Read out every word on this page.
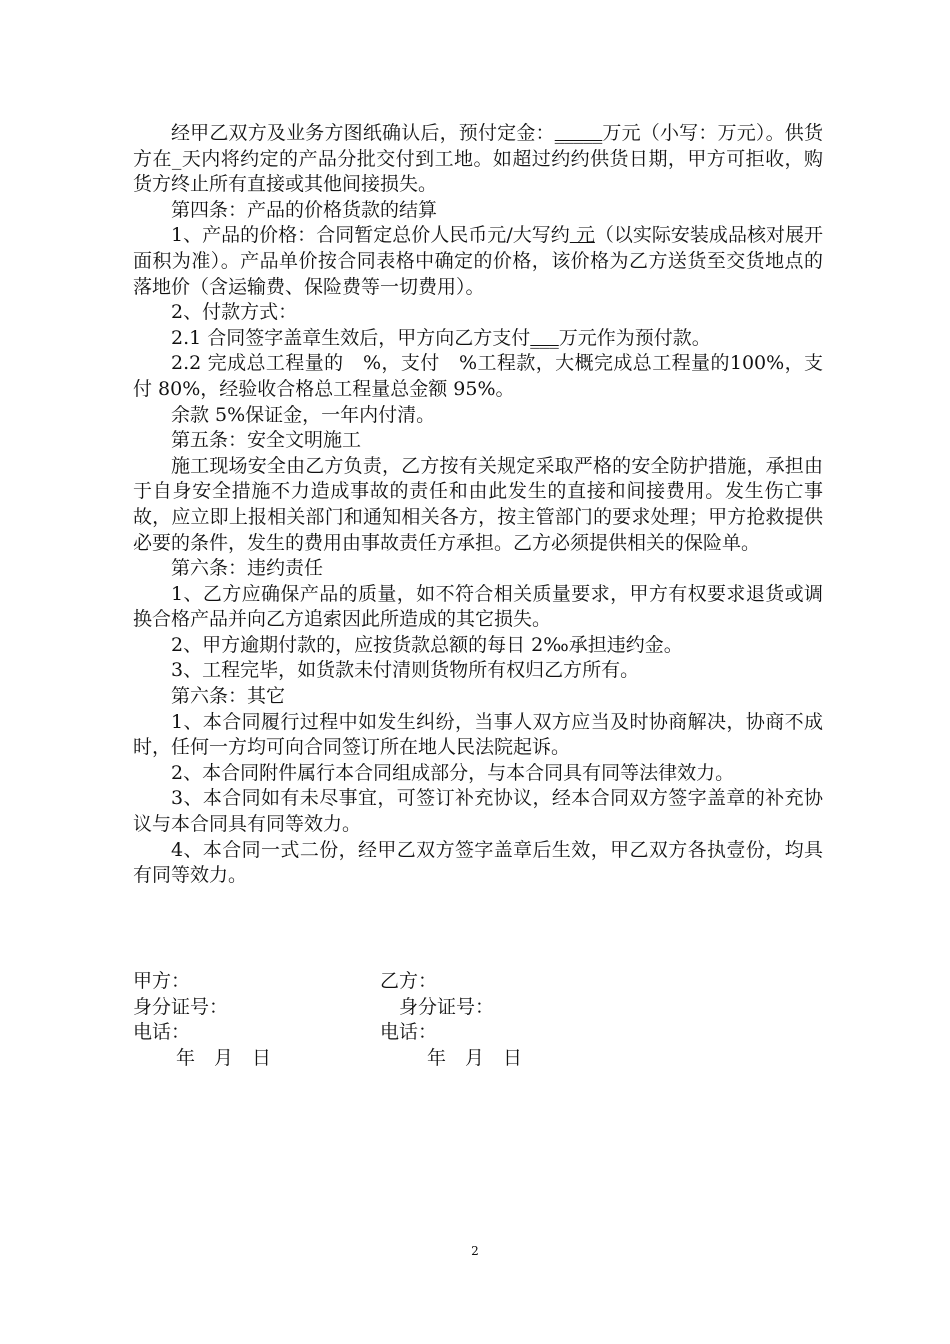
经甲乙双方及业务方图纸确认后，预付定金：_____万元（小写：万元）。供货方在_天内将约定的产品分批交付到工地。如超过约约供货日期，甲方可拒收，购货方终止所有直接或其他间接损失。

第四条：产品的价格货款的结算

1、产品的价格：合同暂定总价人民币元/大写约 元（以实际安装成品核对展开面积为准）。产品单价按合同表格中确定的价格，该价格为乙方送货至交货地点的落地价（含运输费、保险费等一切费用）。

2、付款方式：

2.1 合同签字盖章生效后，甲方向乙方支付___万元作为预付款。

2.2 完成总工程量的　%，支付　%工程款，大概完成总工程量的100%，支付 80%，经验收合格总工程量总金额 95%。

余款 5%保证金，一年内付清。

第五条：安全文明施工

施工现场安全由乙方负责，乙方按有关规定采取严格的安全防护措施，承担由于自身安全措施不力造成事故的责任和由此发生的直接和间接费用。发生伤亡事故，应立即上报相关部门和通知相关各方，按主管部门的要求处理；甲方抢救提供必要的条件，发生的费用由事故责任方承担。乙方必须提供相关的保险单。

第六条：违约责任

1、乙方应确保产品的质量，如不符合相关质量要求，甲方有权要求退货或调换合格产品并向乙方追索因此所造成的其它损失。

2、甲方逾期付款的，应按货款总额的每日 2‰承担违约金。

3、工程完毕，如货款未付清则货物所有权归乙方所有。

第六条：其它

1、本合同履行过程中如发生纠纷，当事人双方应当及时协商解决，协商不成时，任何一方均可向合同签订所在地人民法院起诉。

2、本合同附件属行本合同组成部分，与本合同具有同等法律效力。

3、本合同如有未尽事宜，可签订补充协议，经本合同双方签字盖章的补充协议与本合同具有同等效力。

4、本合同一式二份，经甲乙双方签字盖章后生效，甲乙双方各执壹份，均具有同等效力。

甲方：	乙方：
身分证号：	身分证号：
电话：	电话：
年　月　日	年　月　日
2
